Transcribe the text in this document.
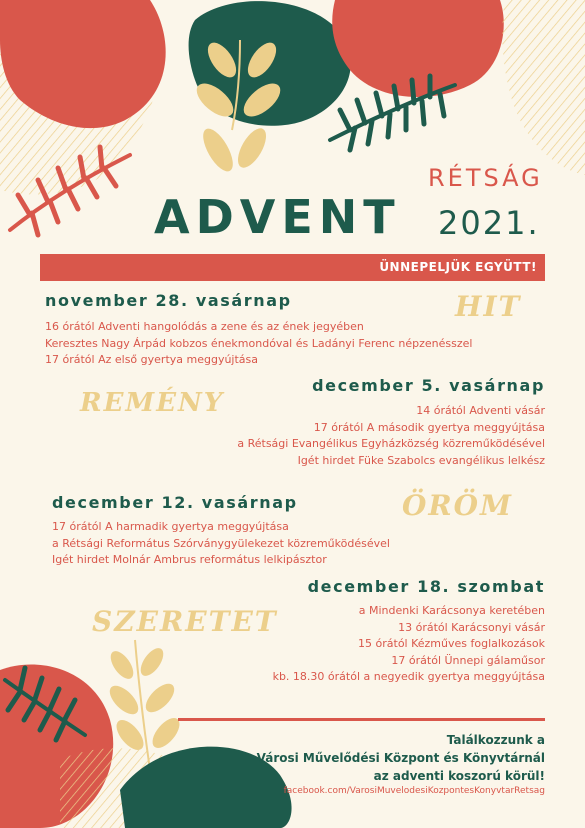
RÉTSÁG
ADVENT 2021.
ÜNNEPELJÜK EGYÜTT!
HIT
REMÉNY
ÖRÖM
SZERETET
november 28. vasárnap
16 órától Adventi hangolódás a zene és az ének jegyében
Keresztes Nagy Árpád kobzos énekmondóval és Ladányi Ferenc népzenésszel
17 órától Az első gyertya meggyújtása
december 5. vasárnap
14 órától Adventi vásár
17 órától A második gyertya meggyújtása
a Rétsági Evangélikus Egyházközség közreműködésével
Igét hirdet Füke Szabolcs evangélikus lelkész
december 12. vasárnap
17 órától A harmadik gyertya meggyújtása
a Rétsági Református Szórványgyülekezet közreműködésével
Igét hirdet Molnár Ambrus református lelkipásztor
december 18. szombat
a Mindenki Karácsonya keretében
13 órától Karácsonyi vásár
15 órától Kézműves foglalkozások
17 órától Ünnepi gálaműsor
kb. 18.30 órától a negyedik gyertya meggyújtása
Találkozzunk a
Városi Művelődési Központ és Könyvtárnál
az adventi koszorú körül!
facebook.com/VarosiMuvelodesiKozpontesKonyvtarRetsag
